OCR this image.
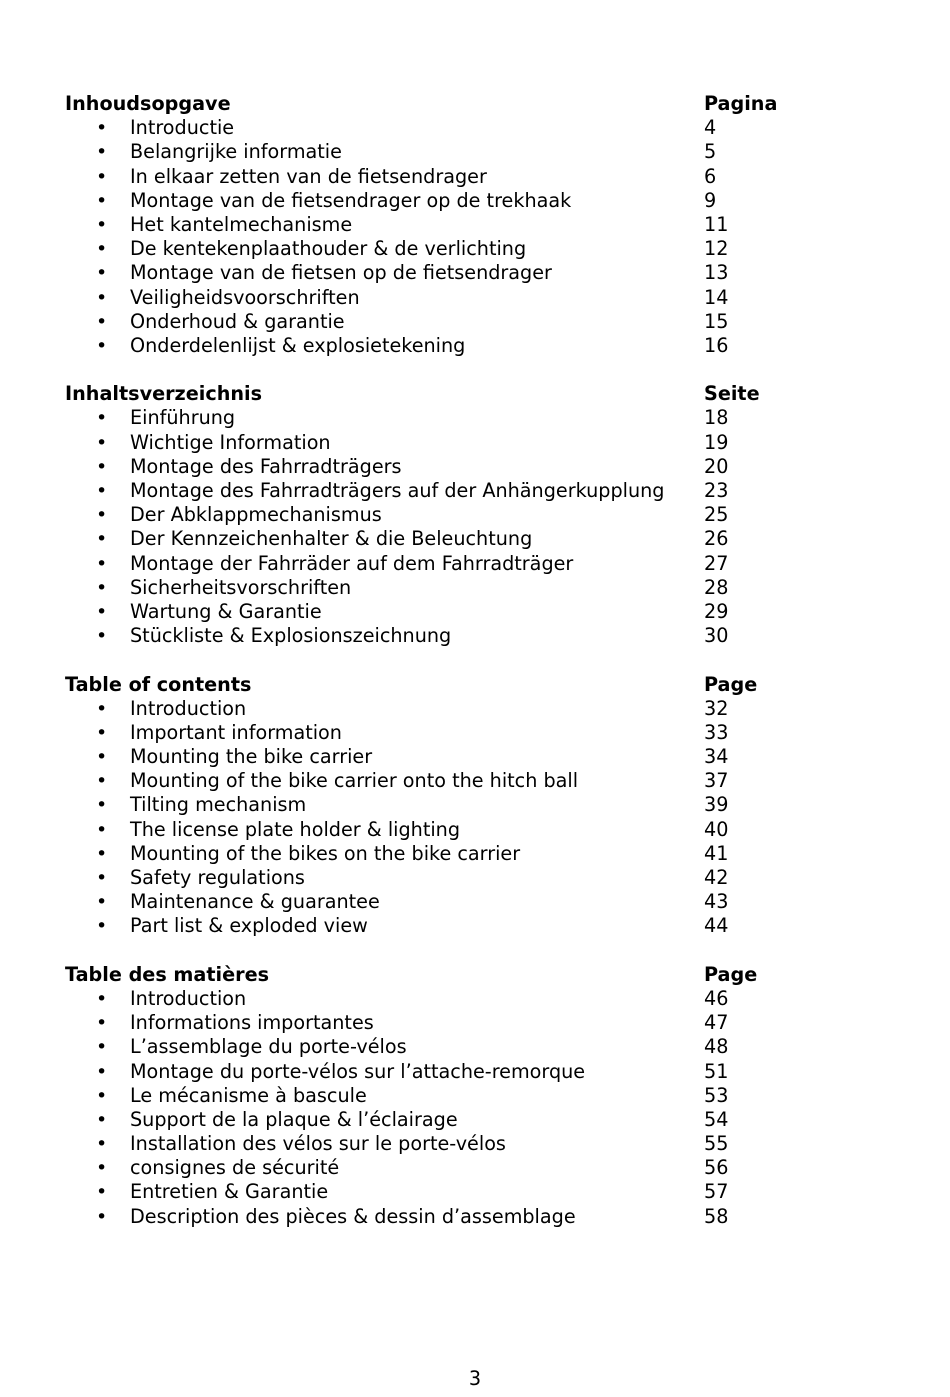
Inhoudsopgave	Pagina
• Introductie	4
• Belangrijke informatie	5
• In elkaar zetten van de fietsendrager	6
• Montage van de fietsendrager op de trekhaak	9
• Het kantelmechanisme	11
• De kentekenplaathouder & de verlichting	12
• Montage van de fietsen op de fietsendrager	13
• Veiligheidsvoorschriften	14
• Onderhoud & garantie	15
• Onderdelenlijst & explosietekening	16
Inhaltsverzeichnis	Seite
• Einführung	18
• Wichtige Information	19
• Montage des Fahrradträgers	20
• Montage des Fahrradträgers auf der Anhängerkupplung 23
• Der Abklappmechanismus	25
• Der Kennzeichenhalter & die Beleuchtung	26
• Montage der Fahrräder auf dem Fahrradträger	27
• Sicherheitsvorschriften	28
• Wartung & Garantie	29
• Stückliste & Explosionszeichnung	30
Table of contents	Page
• Introduction	32
• Important information	33
• Mounting the bike carrier	34
• Mounting of the bike carrier onto the hitch ball	37
• Tilting mechanism	39
• The license plate holder & lighting	40
• Mounting of the bikes on the bike carrier	41
• Safety regulations	42
• Maintenance & guarantee	43
• Part list & exploded view	44
Table des matières	Page
• Introduction	46
• Informations importantes	47
• L’assemblage du porte-vélos	48
• Montage du porte-vélos sur l’attache-remorque	51
• Le mécanisme à bascule	53
• Support de la plaque & l’éclairage	54
• Installation des vélos sur le porte-vélos	55
• consignes de sécurité	56
• Entretien & Garantie	57
• Description des pièces & dessin d’assemblage	58
3
